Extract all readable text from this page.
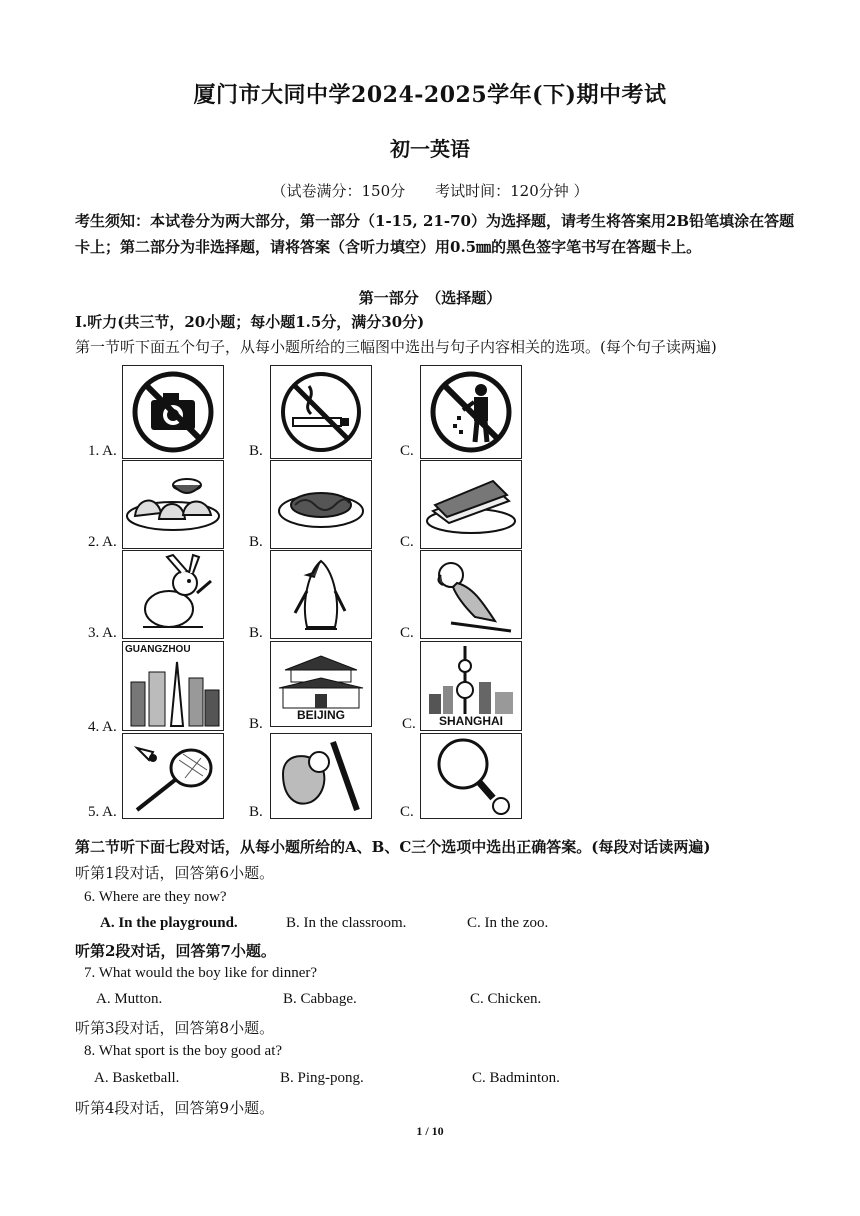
厦门市大同中学2024-2025学年(下)期中考试
初一英语
（试卷满分：150分　　考试时间：120分钟 ）
考生须知：本试卷分为两大部分，第一部分（1-15, 21-70）为选择题，请考生将答案用2B铅笔填涂在答题卡上；第二部分为非选择题，请将答案（含听力填空）用0.5㎜的黑色签字笔书写在答题卡上。
第一部分　（选择题）
I.听力(共三节，20小题；每小题1.5分，满分30分)
第一节听下面五个句子，从每小题所给的三幅图中选出与句子内容相关的选项。(每个句子读两遍)
1. A.	B.	C.
2. A.	B.	C.
3. A.	B.	C.
4. A.	B.	C.
GUANGZHOU
BEIJING	SHANGHAI
5. A.	B.	C.
第二节听下面七段对话，从每小题所给的A、B、C三个选项中选出正确答案。(每段对话读两遍)
听第1段对话，回答第6小题。
6. Where are they now?
A. In the playground.	B. In the classroom.	C. In the zoo.
听第2段对话，回答第7小题。
7. What would the boy like for dinner?
A. Mutton.	B. Cabbage.	C. Chicken.
听第3段对话，回答第8小题。
8. What sport is the boy good at?
A. Basketball.	B. Ping-pong.	C. Badminton.
听第4段对话，回答第9小题。
1 / 10
